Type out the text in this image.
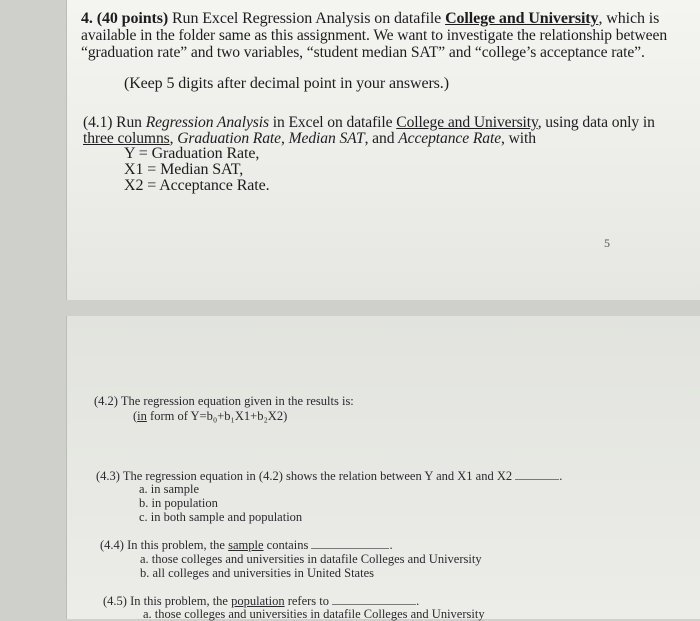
4. (40 points) Run Excel Regression Analysis on datafile College and University, which is
available in the folder same as this assignment. We want to investigate the relationship between
“graduation rate” and two variables, “student median SAT” and “college’s acceptance rate”.
(Keep 5 digits after decimal point in your answers.)
(4.1) Run Regression Analysis in Excel on datafile College and University, using data only in
three columns, Graduation Rate, Median SAT, and Acceptance Rate, with
Y = Graduation Rate,
X1 = Median SAT,
X2 = Acceptance Rate.
5
(4.2) The regression equation given in the results is:
(in form of Y=b₀+b₁X1+b₂X2)
(4.3) The regression equation in (4.2) shows the relation between Y and X1 and X2	.
a. in sample
b. in population
c. in both sample and population
(4.4) In this problem, the sample contains	.
a. those colleges and universities in datafile Colleges and University
b. all colleges and universities in United States
(4.5) In this problem, the population refers to	.
a. those colleges and universities in datafile Colleges and University
